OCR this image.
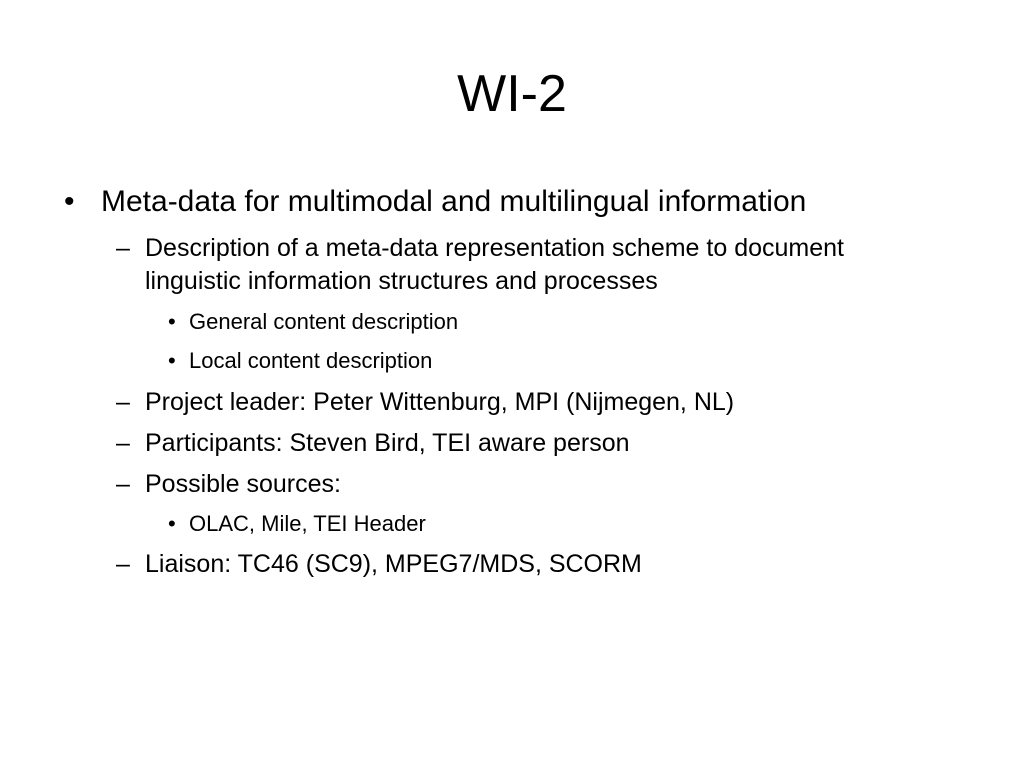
WI-2
• Meta-data for multimodal and multilingual information
– Description of a meta-data representation scheme to document
linguistic information structures and processes
• General content description
• Local content description
– Project leader: Peter Wittenburg, MPI (Nijmegen, NL)
– Participants: Steven Bird, TEI aware person
– Possible sources:
• OLAC, Mile, TEI Header
– Liaison: TC46 (SC9), MPEG7/MDS, SCORM
